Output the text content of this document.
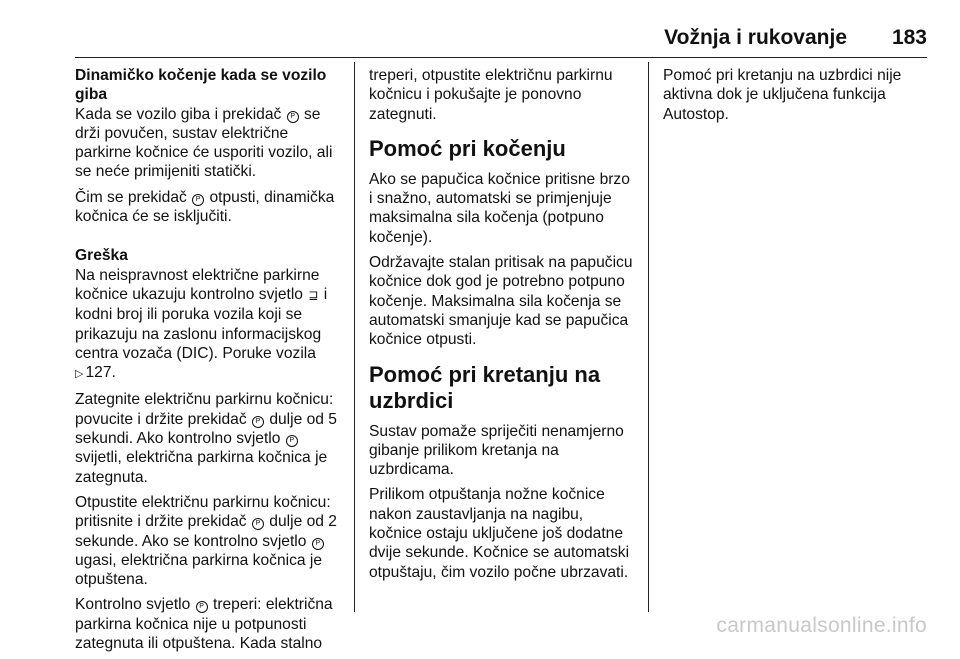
Vožnja i rukovanje 183

Dinamičko kočenje kada se vozilo giba

Kada se vozilo giba i prekidač P se drži povučen, sustav električne parkirne kočnice će usporiti vozilo, ali se neće primijeniti statički.

Čim se prekidač P otpusti, dinamička kočnica će se isključiti.

Greška

Na neispravnost električne parkirne kočnice ukazuju kontrolno svjetlo ⊒ i kodni broj ili poruka vozila koji se prikazuju na zaslonu informacijskog centra vozača (DIC). Poruke vozila
▷ 127.

Zategnite električnu parkirnu kočnicu: povucite i držite prekidač P dulje od 5 sekundi. Ako kontrolno svjetlo P svijetli, električna parkirna kočnica je zategnuta.

Otpustite električnu parkirnu kočnicu: pritisnite i držite prekidač P dulje od 2 sekunde. Ako se kontrolno svjetlo P ugasi, električna parkirna kočnica je otpuštena.

Kontrolno svjetlo P treperi: električna parkirna kočnica nije u potpunosti zategnuta ili otpuštena. Kada stalno

treperi, otpustite električnu parkirnu kočnicu i pokušajte je ponovno zategnuti.

Pomoć pri kočenju

Ako se papučica kočnice pritisne brzo i snažno, automatski se primjenjuje maksimalna sila kočenja (potpuno kočenje).

Održavajte stalan pritisak na papučicu kočnice dok god je potrebno potpuno kočenje. Maksimalna sila kočenja se automatski smanjuje kad se papučica kočnice otpusti.

Pomoć pri kretanju na uzbrdici

Sustav pomaže spriječiti nenamjerno gibanje prilikom kretanja na uzbrdicama.

Prilikom otpuštanja nožne kočnice nakon zaustavljanja na nagibu, kočnice ostaju uključene još dodatne dvije sekunde. Kočnice se automatski otpuštaju, čim vozilo počne ubrzavati.

Pomoć pri kretanju na uzbrdici nije aktivna dok je uključena funkcija Autostop.

carmanualsonline.info
